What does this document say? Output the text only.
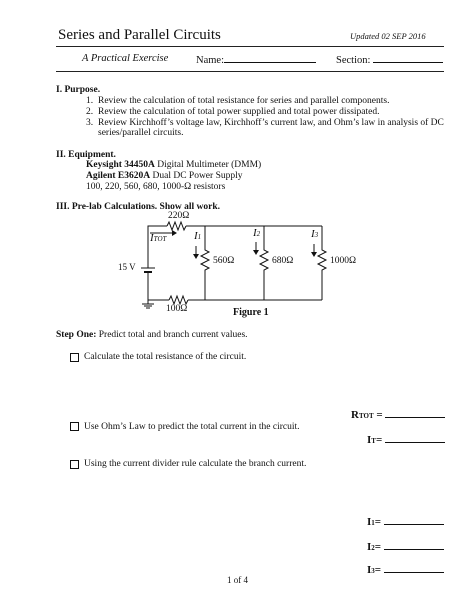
Series and Parallel Circuits	Updated 02 SEP 2016
A Practical Exercise	Name:	Section:
I. Purpose.
1. Review the calculation of total resistance for series and parallel components.
2. Review the calculation of total power supplied and total power dissipated.
3. Review Kirchhoff’s voltage law, Kirchhoff’s current law, and Ohm’s law in analysis of DC
series/parallel circuits.
II. Equipment.
Keysight 34450A Digital Multimeter (DMM)
Agilent E3620A Dual DC Power Supply
100, 220, 560, 680, 1000-Ω resistors
III. Pre-lab Calculations. Show all work.
220Ω
100Ω
560Ω	680Ω	1000Ω
15 V
ITOT	I1	I2	I3
Figure 1
Step One: Predict total and branch current values.
Calculate the total resistance of the circuit.
Use Ohm’s Law to predict the total current in the circuit.
Using the current divider rule calculate the branch current.
RTOT =
IT=
I1=
I2=
I3=
1 of 4
